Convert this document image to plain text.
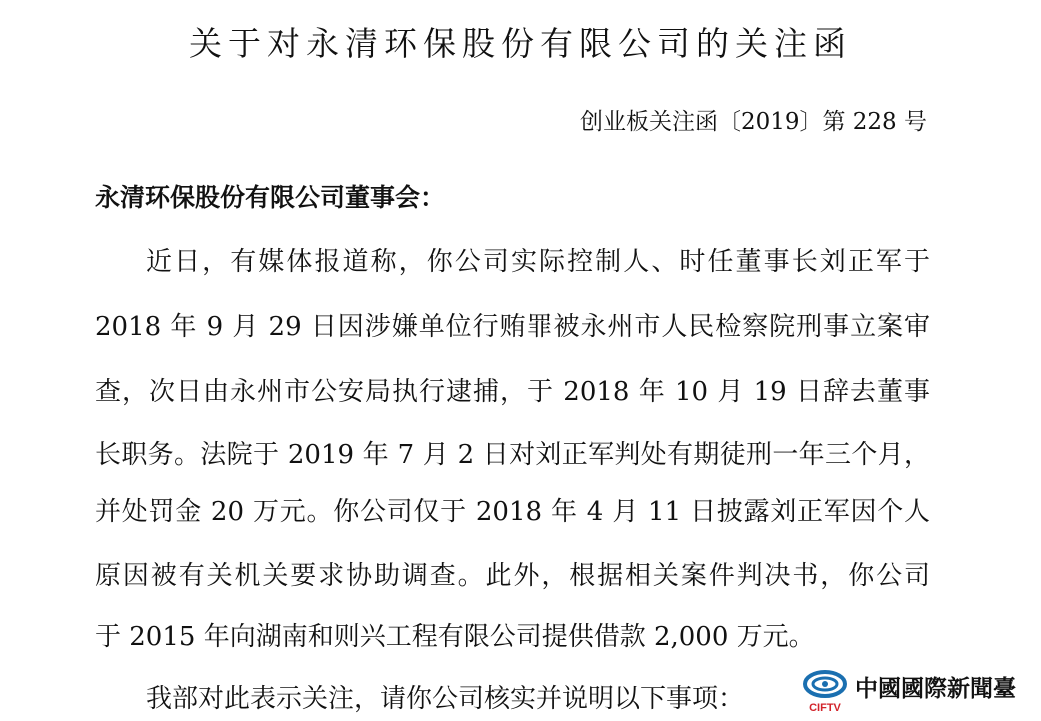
关于对永清环保股份有限公司的关注函
创业板关注函〔2019〕第 228 号
永清环保股份有限公司董事会：
近日，有媒体报道称，你公司实际控制人、时任董事长刘正军于
2018 年 9 月 29 日因涉嫌单位行贿罪被永州市人民检察院刑事立案审
查，次日由永州市公安局执行逮捕，于 2018 年 10 月 19 日辞去董事
长职务。法院于 2019 年 7 月 2 日对刘正军判处有期徒刑一年三个月，
并处罚金 20 万元。你公司仅于 2018 年 4 月 11 日披露刘正军因个人
原因被有关机关要求协助调查。此外，根据相关案件判决书，你公司
于 2015 年向湖南和则兴工程有限公司提供借款 2,000 万元。
我部对此表示关注，请你公司核实并说明以下事项：	CIFTV
中國國際新聞臺
